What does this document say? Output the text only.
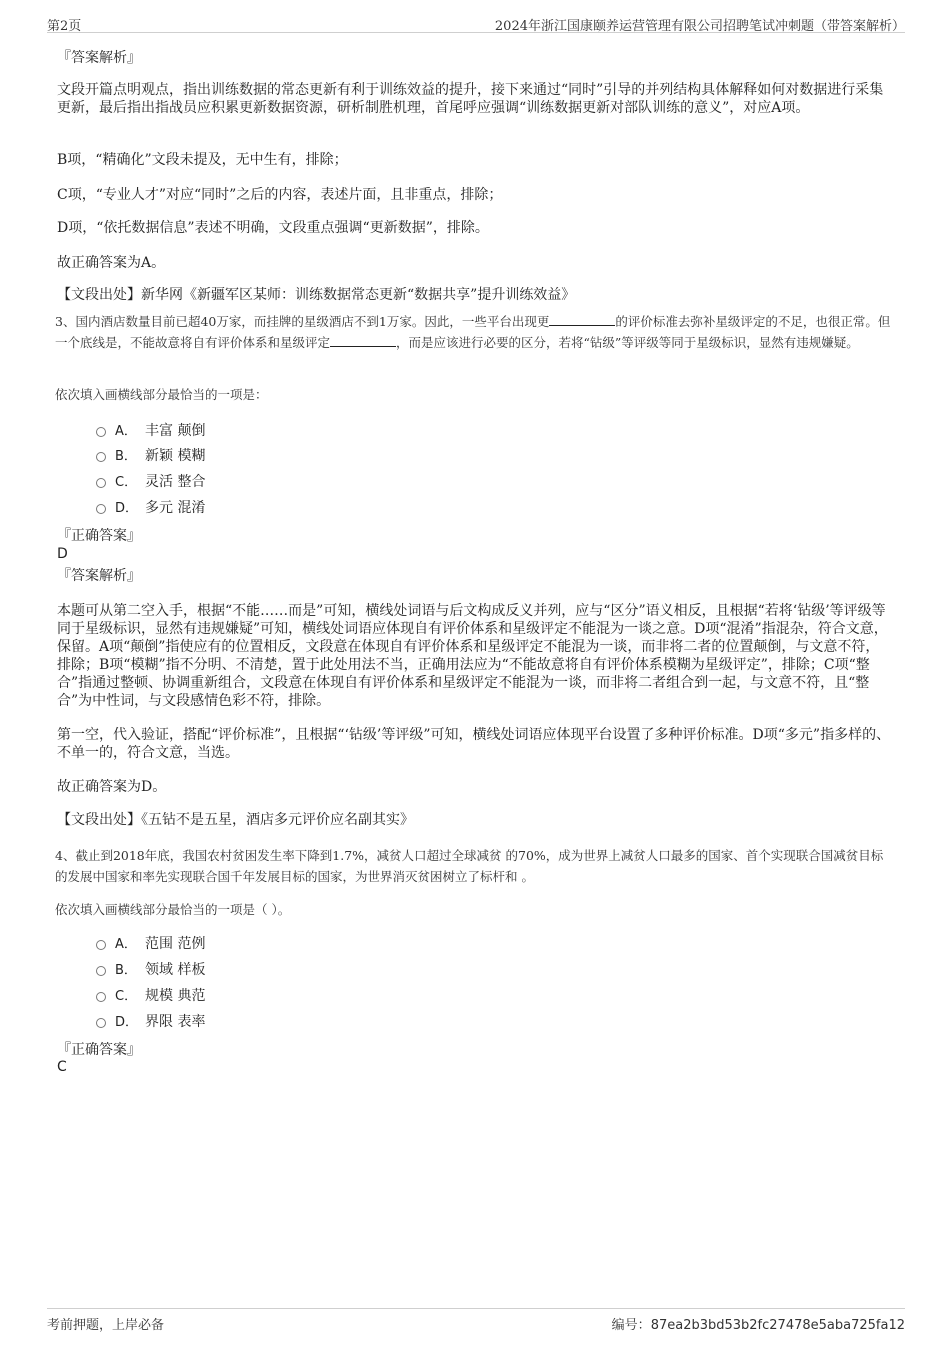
第2页	2024年浙江国康颐养运营管理有限公司招聘笔试冲刺题（带答案解析）
『答案解析』
文段开篇点明观点，指出训练数据的常态更新有利于训练效益的提升，接下来通过“同时”引导的并列结构具体解释如何对数据进行采集更新，最后指出指战员应积累更新数据资源，研析制胜机理，首尾呼应强调“训练数据更新对部队训练的意义”，对应A项。
B项，“精确化”文段未提及，无中生有，排除；
C项，“专业人才”对应“同时”之后的内容，表述片面，且非重点，排除；
D项，“依托数据信息”表述不明确，文段重点强调“更新数据”，排除。
故正确答案为A。
【文段出处】新华网《新疆军区某师：训练数据常态更新“数据共享”提升训练效益》
3、国内酒店数量目前已超40万家，而挂牌的星级酒店不到1万家。因此，一些平台出现更	的评价标准去弥补星级评定的不足，也很正常。但一个底线是，不能故意将自有评价体系和星级评定	，而是应该进行必要的区分，若将“钻级”等评级等同于星级标识，显然有违规嫌疑。
依次填入画横线部分最恰当的一项是：
A． 丰富 颠倒
B． 新颖 模糊
C． 灵活 整合
D． 多元 混淆
『正确答案』
D
『答案解析』
本题可从第二空入手，根据“不能……而是”可知，横线处词语与后文构成反义并列，应与“区分”语义相反，且根据“若将‘钻级’等评级等同于星级标识，显然有违规嫌疑”可知，横线处词语应体现自有评价体系和星级评定不能混为一谈之意。D项“混淆”指混杂，符合文意，保留。A项“颠倒”指使应有的位置相反，文段意在体现自有评价体系和星级评定不能混为一谈，而非将二者的位置颠倒，与文意不符，排除；B项“模糊”指不分明、不清楚，置于此处用法不当，正确用法应为“不能故意将自有评价体系模糊为星级评定”，排除；C项“整合”指通过整顿、协调重新组合，文段意在体现自有评价体系和星级评定不能混为一谈，而非将二者组合到一起，与文意不符，且“整合”为中性词，与文段感情色彩不符，排除。
第一空，代入验证，搭配“评价标准”，且根据“‘钻级’等评级”可知，横线处词语应体现平台设置了多种评价标准。D项“多元”指多样的、不单一的，符合文意，当选。
故正确答案为D。
【文段出处】《五钻不是五星，酒店多元评价应名副其实》
4、截止到2018年底，我国农村贫困发生率下降到1.7%，减贫人口超过全球减贫 的70%，成为世界上减贫人口最多的国家、首个实现联合国减贫目标的发展中国家和率先实现联合国千年发展目标的国家，为世界消灭贫困树立了标杆和 。
依次填入画横线部分最恰当的一项是（ ）。
A． 范围 范例
B． 领域 样板
C． 规模 典范
D． 界限 表率
『正确答案』
C
考前押题，上岸必备	编号：87ea2b3bd53b2fc27478e5aba725fa12
